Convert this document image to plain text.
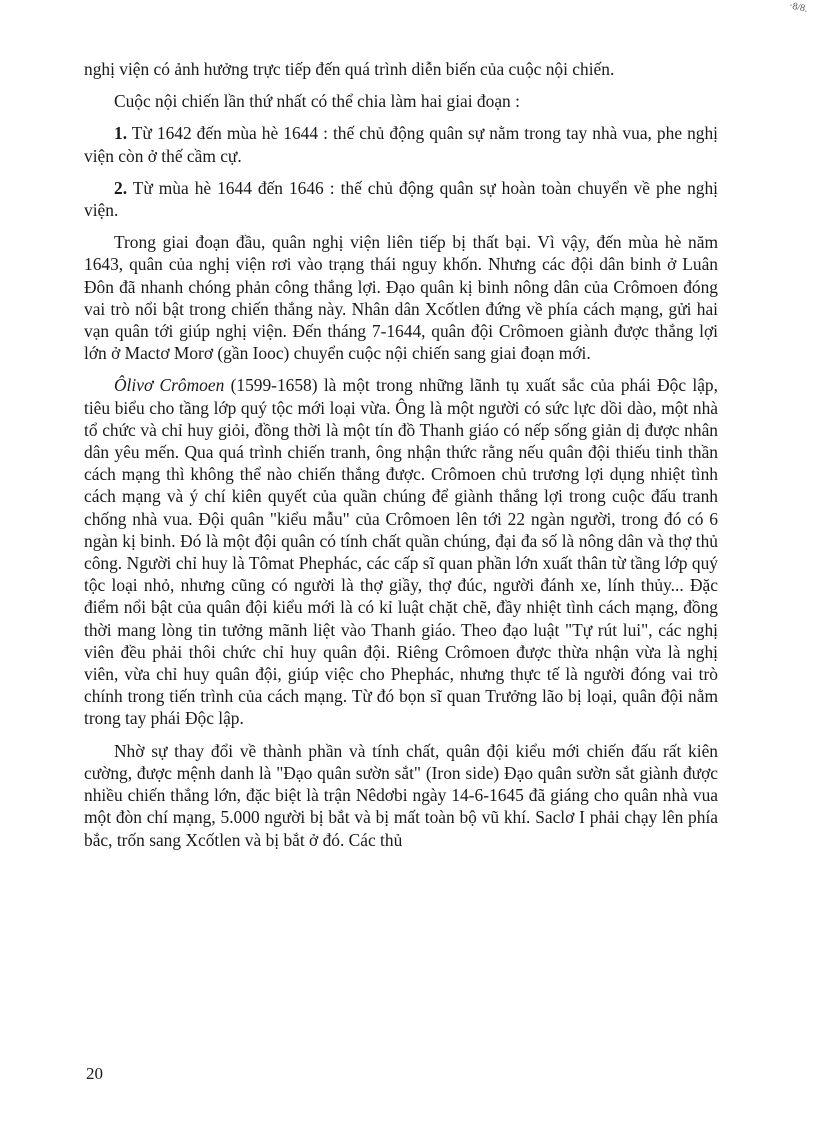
·8/8.

nghị viện có ảnh hưởng trực tiếp đến quá trình diễn biến của cuộc nội chiến.

Cuộc nội chiến lần thứ nhất có thể chia làm hai giai đoạn :

1. Từ 1642 đến mùa hè 1644 : thế chủ động quân sự nằm trong tay nhà vua, phe nghị viện còn ở thế cầm cự.

2. Từ mùa hè 1644 đến 1646 : thế chủ động quân sự hoàn toàn chuyển về phe nghị viện.

Trong giai đoạn đầu, quân nghị viện liên tiếp bị thất bại. Vì vậy, đến mùa hè năm 1643, quân của nghị viện rơi vào trạng thái nguy khốn. Nhưng các đội dân binh ở Luân Đôn đã nhanh chóng phản công thắng lợi. Đạo quân kị binh nông dân của Crômoen đóng vai trò nổi bật trong chiến thắng này. Nhân dân Xcốtlen đứng về phía cách mạng, gửi hai vạn quân tới giúp nghị viện. Đến tháng 7-1644, quân đội Crômoen giành được thắng lợi lớn ở Mactơ Morơ (gần Iooc) chuyển cuộc nội chiến sang giai đoạn mới.

Ôlivơ Crômoen (1599-1658) là một trong những lãnh tụ xuất sắc của phái Độc lập, tiêu biểu cho tầng lớp quý tộc mới loại vừa. Ông là một người có sức lực dồi dào, một nhà tổ chức và chỉ huy giỏi, đồng thời là một tín đồ Thanh giáo có nếp sống giản dị được nhân dân yêu mến. Qua quá trình chiến tranh, ông nhận thức rằng nếu quân đội thiếu tinh thần cách mạng thì không thể nào chiến thắng được. Crômoen chủ trương lợi dụng nhiệt tình cách mạng và ý chí kiên quyết của quần chúng để giành thắng lợi trong cuộc đấu tranh chống nhà vua. Đội quân "kiểu mẫu" của Crômoen lên tới 22 ngàn người, trong đó có 6 ngàn kị binh. Đó là một đội quân có tính chất quần chúng, đại đa số là nông dân và thợ thủ công. Người chỉ huy là Tômat Phephác, các cấp sĩ quan phần lớn xuất thân từ tầng lớp quý tộc loại nhỏ, nhưng cũng có người là thợ giầy, thợ đúc, người đánh xe, lính thủy... Đặc điểm nổi bật của quân đội kiểu mới là có kỉ luật chặt chẽ, đầy nhiệt tình cách mạng, đồng thời mang lòng tin tưởng mãnh liệt vào Thanh giáo. Theo đạo luật "Tự rút lui", các nghị viên đều phải thôi chức chỉ huy quân đội. Riêng Crômoen được thừa nhận vừa là nghị viên, vừa chỉ huy quân đội, giúp việc cho Phephác, nhưng thực tế là người đóng vai trò chính trong tiến trình của cách mạng. Từ đó bọn sĩ quan Trưởng lão bị loại, quân đội nằm trong tay phái Độc lập.

Nhờ sự thay đổi về thành phần và tính chất, quân đội kiểu mới chiến đấu rất kiên cường, được mệnh danh là "Đạo quân sườn sắt" (Iron side) Đạo quân sườn sắt giành được nhiều chiến thắng lớn, đặc biệt là trận Nêdơbi ngày 14-6-1645 đã giáng cho quân nhà vua một đòn chí mạng, 5.000 người bị bắt và bị mất toàn bộ vũ khí. Saclơ I phải chạy lên phía bắc, trốn sang Xcốtlen và bị bắt ở đó. Các thủ

20
